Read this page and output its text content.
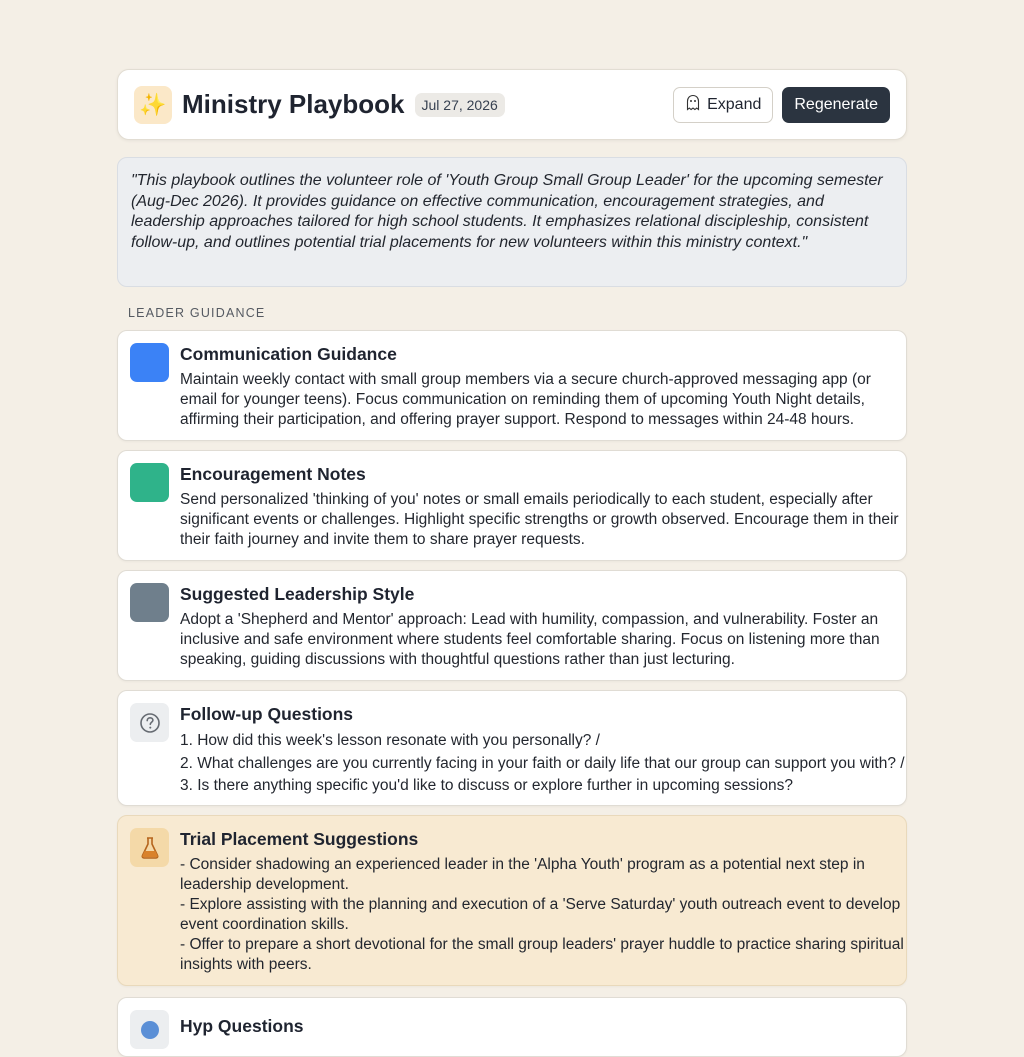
✨ Ministry Playbook	Jul 27, 2026	Expand	Regenerate
"This playbook outlines the volunteer role of 'Youth Group Small Group Leader' for the upcoming semester
(Aug-Dec 2026). It provides guidance on effective communication, encouragement strategies, and
leadership approaches tailored for high school students. It emphasizes relational discipleship, consistent
follow-up, and outlines potential trial placements for new volunteers within this ministry context."
LEADER GUIDANCE
Communication Guidance
Maintain weekly contact with small group members via a secure church-approved messaging app (or
email for younger teens). Focus communication on reminding them of upcoming Youth Night details,
affirming their participation, and offering prayer support. Respond to messages within 24-48 hours.
Encouragement Notes
Send personalized 'thinking of you' notes or small emails periodically to each student, especially after
significant events or challenges. Highlight specific strengths or growth observed. Encourage them in their
their faith journey and invite them to share prayer requests.
Suggested Leadership Style
Adopt a 'Shepherd and Mentor' approach: Lead with humility, compassion, and vulnerability. Foster an
inclusive and safe environment where students feel comfortable sharing. Focus on listening more than
speaking, guiding discussions with thoughtful questions rather than just lecturing.
Follow-up Questions
1. How did this week's lesson resonate with you personally? /
2. What challenges are you currently facing in your faith or daily life that our group can support you with? /
3. Is there anything specific you'd like to discuss or explore further in upcoming sessions?
Trial Placement Suggestions
- Consider shadowing an experienced leader in the 'Alpha Youth' program as a potential next step in
leadership development.
- Explore assisting with the planning and execution of a 'Serve Saturday' youth outreach event to develop
event coordination skills.
- Offer to prepare a short devotional for the small group leaders' prayer huddle to practice sharing spiritual
insights with peers.
Hyp Questions
